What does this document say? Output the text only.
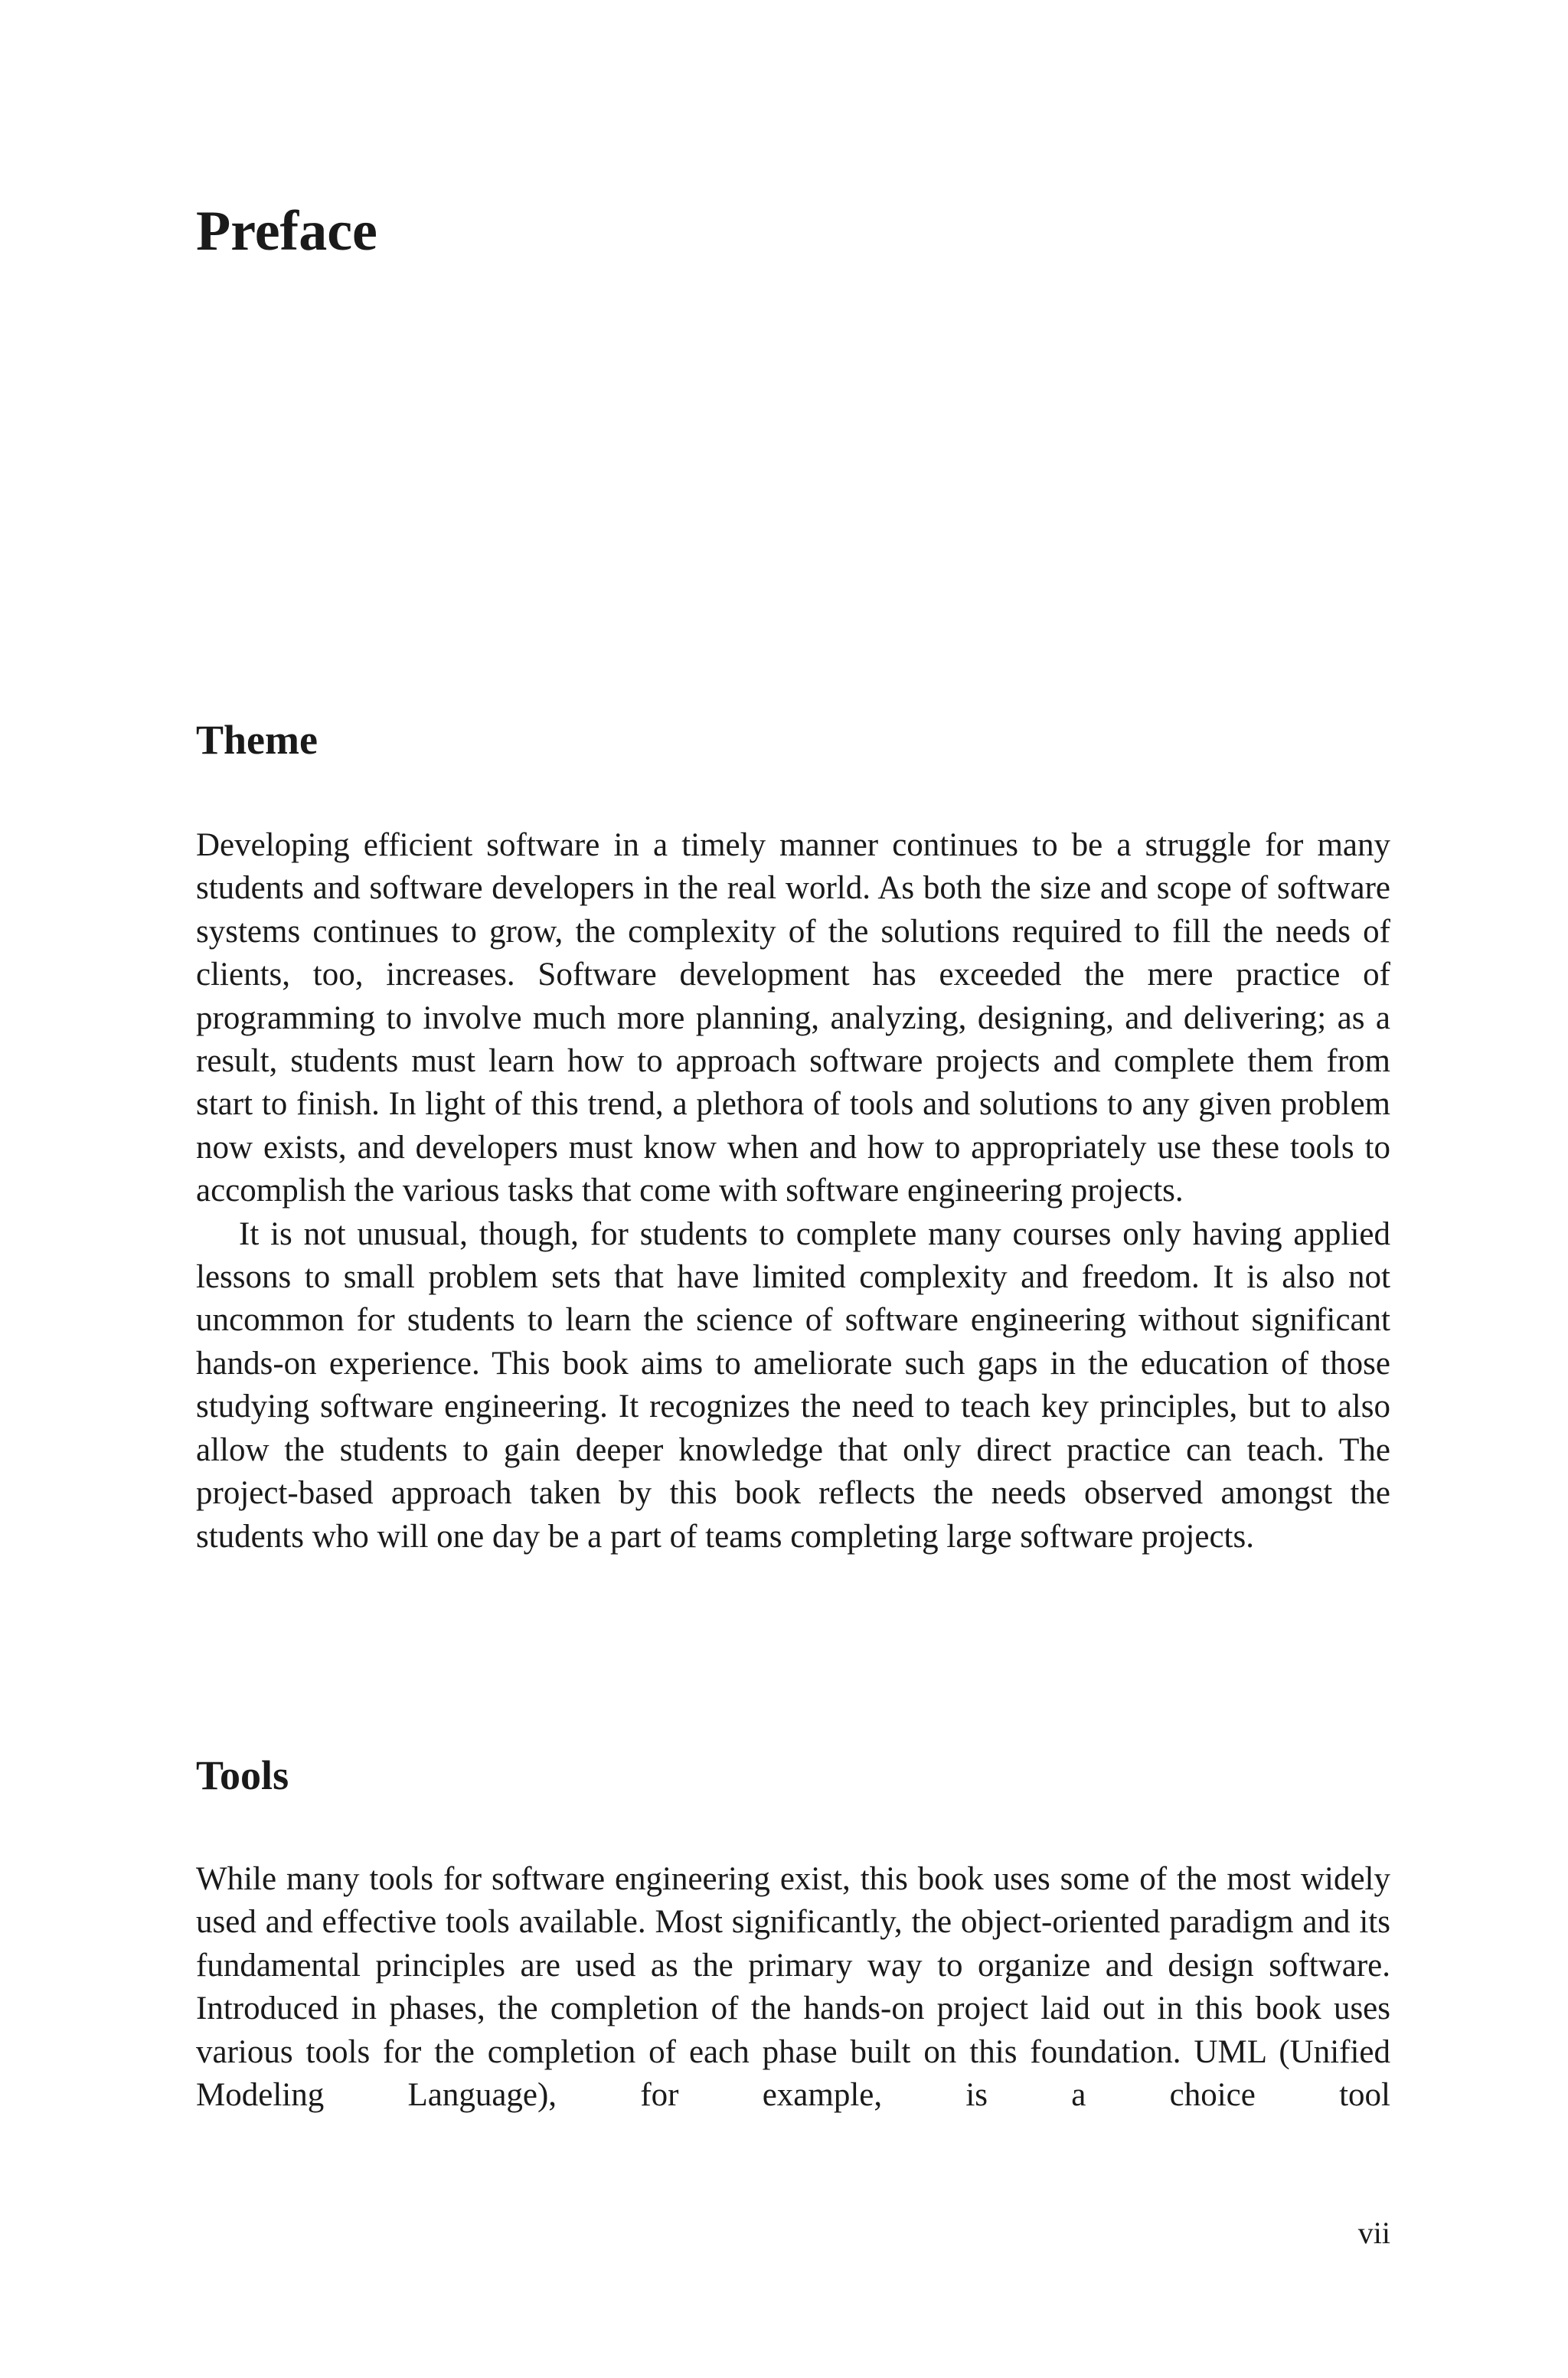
Preface
Theme

Developing efficient software in a timely manner continues to be a struggle for many students and software developers in the real world. As both the size and scope of software systems continues to grow, the complexity of the solutions required to fill the needs of clients, too, increases. Software development has exceeded the mere practice of programming to involve much more planning, analyzing, designing, and delivering; as a result, students must learn how to approach software projects and complete them from start to finish. In light of this trend, a plethora of tools and solutions to any given problem now exists, and developers must know when and how to appropriately use these tools to accomplish the various tasks that come with software engineering projects.

It is not unusual, though, for students to complete many courses only having applied lessons to small problem sets that have limited complexity and freedom. It is also not uncommon for students to learn the science of software engineering without significant hands-on experience. This book aims to ameliorate such gaps in the education of those studying software engineering. It recognizes the need to teach key principles, but to also allow the students to gain deeper knowledge that only direct practice can teach. The project-based approach taken by this book reflects the needs observed amongst the students who will one day be a part of teams completing large software projects.

Tools

While many tools for software engineering exist, this book uses some of the most widely used and effective tools available. Most significantly, the object-oriented paradigm and its fundamental principles are used as the primary way to organize and design software. Introduced in phases, the completion of the hands-on project laid out in this book uses various tools for the completion of each phase built on this foundation. UML (Unified Modeling Language), for example, is a choice tool

vii
